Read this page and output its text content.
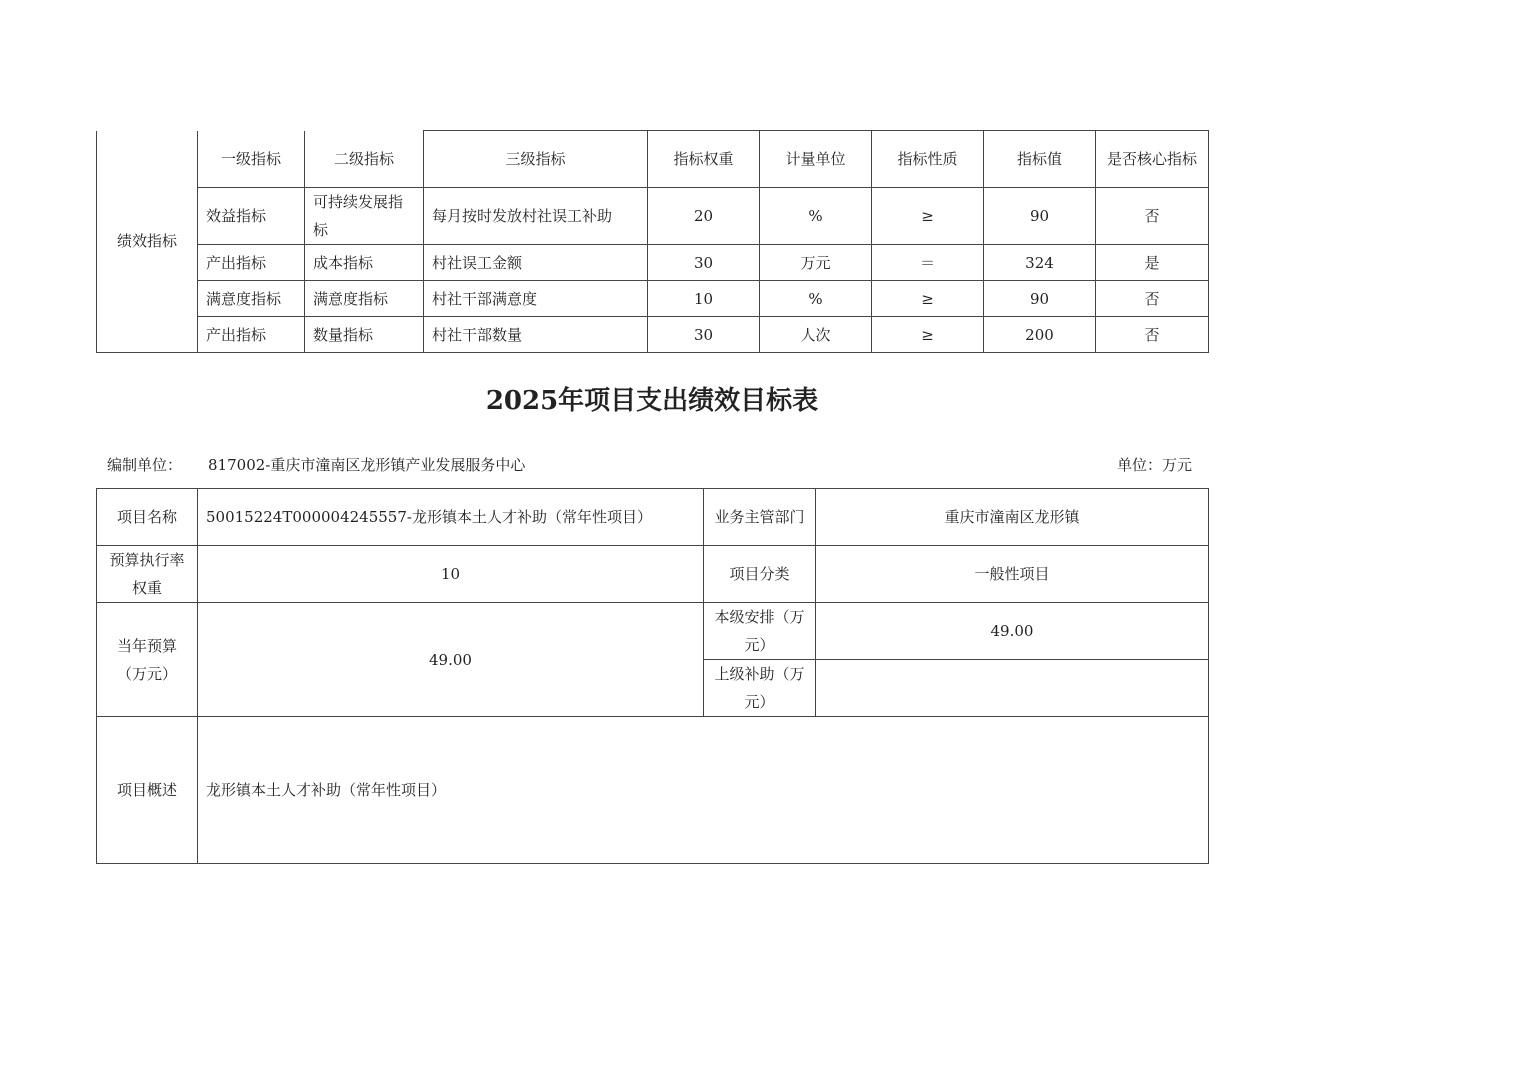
绩效指标	一级指标	二级指标	三级指标	指标权重	计量单位	指标性质	指标值	是否核心指标
	效益指标	可持续发展指标	每月按时发放村社误工补助	20	%	≥	90	否
	产出指标	成本指标	村社误工金额	30	万元	＝	324	是
	满意度指标	满意度指标	村社干部满意度	10	%	≥	90	否
	产出指标	数量指标	村社干部数量	30	人次	≥	200	否
2025年项目支出绩效目标表
编制单位： 817002-重庆市潼南区龙形镇产业发展服务中心	单位：万元
项目名称	50015224T000004245557-龙形镇本土人才补助（常年性项目）	业务主管部门	重庆市潼南区龙形镇
预算执行率权重	10	项目分类	一般性项目
当年预算（万元）	49.00	本级安排（万元）	49.00
		上级补助（万元）	
项目概述	龙形镇本土人才补助（常年性项目）		
